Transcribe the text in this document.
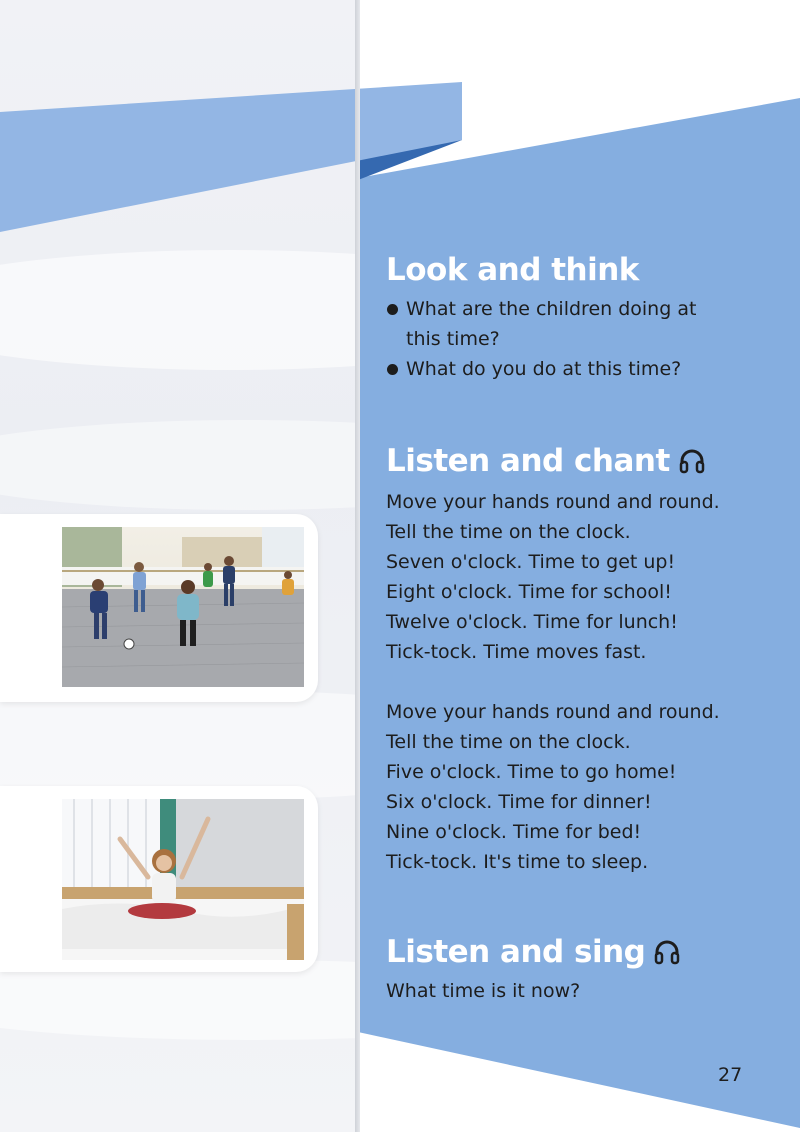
Look and think
What are the children doing at this time?
What do you do at this time?
Listen and chant
Move your hands round and round.
Tell the time on the clock.
Seven o'clock. Time to get up!
Eight o'clock. Time for school!
Twelve o'clock. Time for lunch!
Tick-tock. Time moves fast.
Move your hands round and round.
Tell the time on the clock.
Five o'clock. Time to go home!
Six o'clock. Time for dinner!
Nine o'clock. Time for bed!
Tick-tock. It's time to sleep.
Listen and sing
What time is it now?
27
